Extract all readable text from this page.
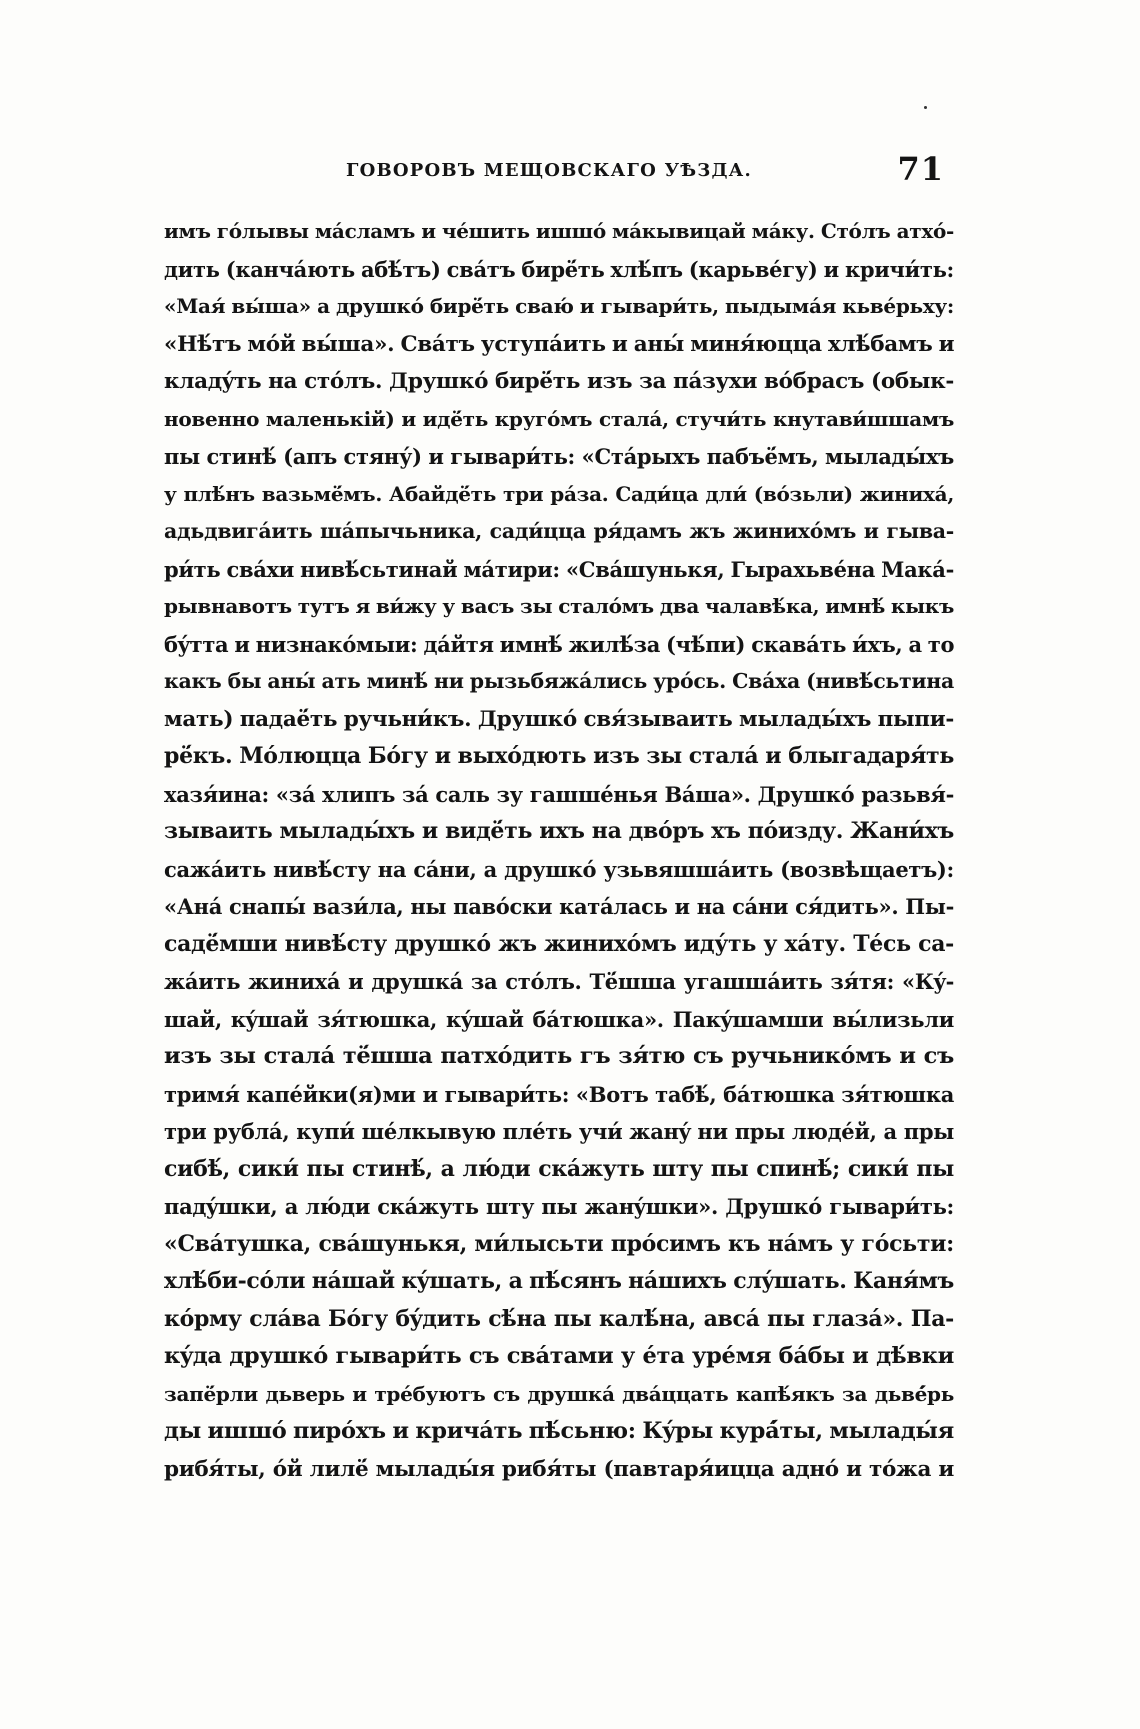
ГОВОРОВЪ МЕЩОВСКАГО УѢЗДА.	71
имъ гóлывы мáсламъ и чéшить ишшó мáкывицай мáку. Стóлъ атхó-
дить (канчáють абѣ́тъ) свáтъ бирё́ть хлѣ́пъ (карьвéгу) и кричи́ть:
«Мая́ вы́ша» а друшкó бирё́ть сваю́ и гывари́ть, пыдымáя кьвéрьху:
«Нѣ́тъ мóй вы́ша». Свáтъ уступáить и аны́ миня́юцца хлѣ́бамъ и
кладýть на стóлъ. Друшкó бирё́ть изъ за пáзухи вóбрасъ (обык-
новенно маленькій) и идё́ть кругóмъ сталá, стучи́ть кнутави́шшамъ
пы стинѣ́ (апъ стяну́) и гывари́ть: «Стáрыхъ пабъё́мъ, мылады́хъ
у плѣ́нъ вазьмё́мъ. Абайдё́ть три рáза. Сади́ца дли́ (вóзьли) жинихá,
адьдвигáить шáпычьника, сади́цца ря́дамъ жъ жинихóмъ и гыва-
ри́ть свáхи нивѣ́сьтинай мáтири: «Свáшунькя, Гырахьвéна Макá-
рывнавотъ тутъ я ви́жу у васъ зы сталóмъ два чалавѣ́ка, имнѣ́ кыкъ
бýтта и низнакóмыи: дáйтя имнѣ́ жилѣ́за (чѣ́пи) скавáть и́хъ, а то
какъ бы аны́ ать минѣ́ ни рызьбяжáлись урóсь. Свáха (нивѣ́сьтина
мать) падаё́ть ручьни́къ. Друшкó свя́зываить мылады́хъ пыпи-
рё́къ. Мóлюцца Бóгу и выхóдють изъ зы сталá и блыгадаря́ть
хазя́ина: «зá хлипъ зá саль зу гашшéнья Вáша». Друшкó разьвя́-
зываить мылады́хъ и видё́ть ихъ на двóръ хъ пóизду. Жани́хъ
сажáить нивѣ́сту на сáни, а друшкó узьвяшшáить (возвѣщаетъ):
«Анá снапы́ вази́ла, ны павóски катáлась и на сáни ся́дить». Пы-
садё́мши нивѣ́сту друшкó жъ жинихóмъ иду́ть у хáту. Тéсь са-
жáить жинихá и друшкá за стóлъ. Тё́шша угашшáить зя́тя: «Кý-
шай, кýшай зя́тюшка, кýшай бáтюшка». Пакýшамши вы́лизьли
изъ зы сталá тё́шша патхóдить гъ зя́тю съ ручьникóмъ и съ
тримя́ капéйки(я)ми и гывари́ть: «Вотъ табѣ́, бáтюшка зя́тюшка
три рублá, купи́ шéлкывую плéть учи́ жанý ни пры людéй, а пры
сибѣ́, сики́ пы стинѣ́, а лю́ди скáжуть шту пы спинѣ́; сики́ пы
падýшки, а лю́ди скáжуть шту пы жанýшки». Друшкó гывари́ть:
«Свáтушка, свáшунькя, ми́лысьти прóсимъ къ нáмъ у гóсьти:
хлѣ́би-сóли нáшай кýшать, а пѣ́сянъ нáшихъ слýшать. Каня́мъ
кóрму слáва Бóгу бýдить сѣ́на пы калѣ́на, авсá пы глазá». Па-
кýда друшкó гывари́ть съ свáтами у éта урéмя бáбы и дѣ́вки
запё́рли дьверь и трéбуютъ съ друшкá двáццать капѣ́якъ за дьвé́рь
ды ишшó пирóхъ и кричáть пѣ́сьню: Кýры курá́ты, мылады́я
рибя́ты, óй лилё́ мылады́я рибя́ты (павтаря́ицца аднó и тóжа и
